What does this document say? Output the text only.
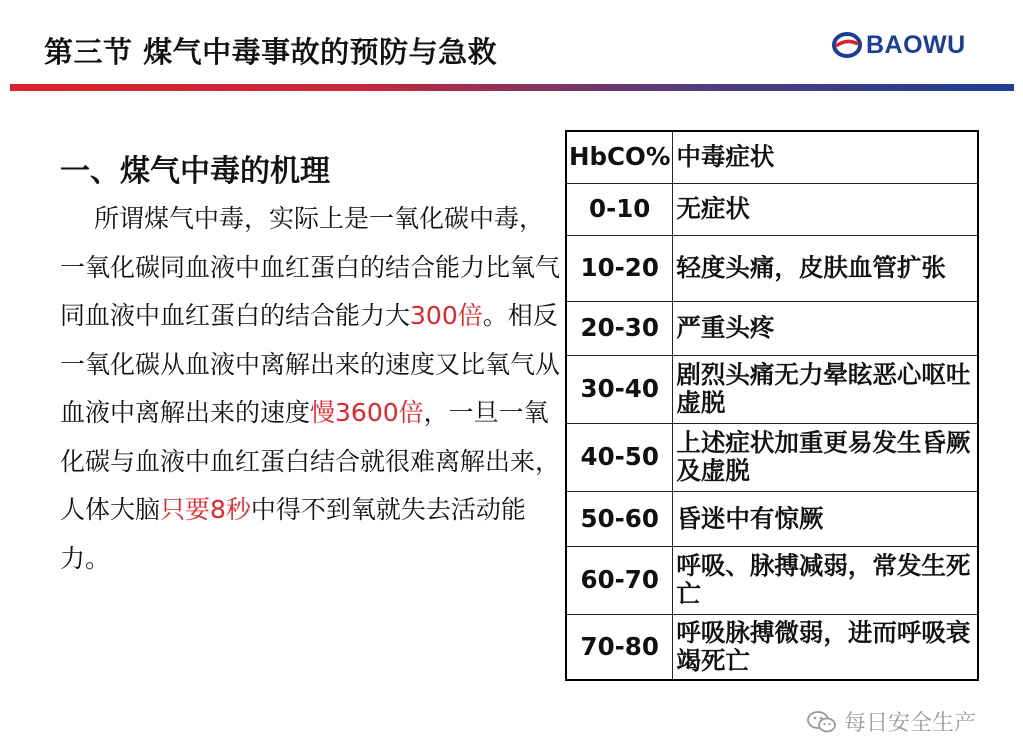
第三节 煤气中毒事故的预防与急救	BAOWU
一、煤气中毒的机理

所谓煤气中毒，实际上是一氧化碳中毒，一氧化碳同血液中血红蛋白的结合能力比氧气同血液中血红蛋白的结合能力大300倍。相反一氧化碳从血液中离解出来的速度又比氧气从血液中离解出来的速度慢3600倍，一旦一氧化碳与血液中血红蛋白结合就很难离解出来，人体大脑只要8秒中得不到氧就失去活动能力。

HbCO%	中毒症状
0-10	无症状
10-20	轻度头痛，皮肤血管扩张
20-30	严重头疼
30-40	剧烈头痛无力晕眩恶心呕吐虚脱
40-50	上述症状加重更易发生昏厥及虚脱
50-60	昏迷中有惊厥
60-70	呼吸、脉搏减弱，常发生死亡
70-80	呼吸脉搏微弱，进而呼吸衰竭死亡
每日安全生产
